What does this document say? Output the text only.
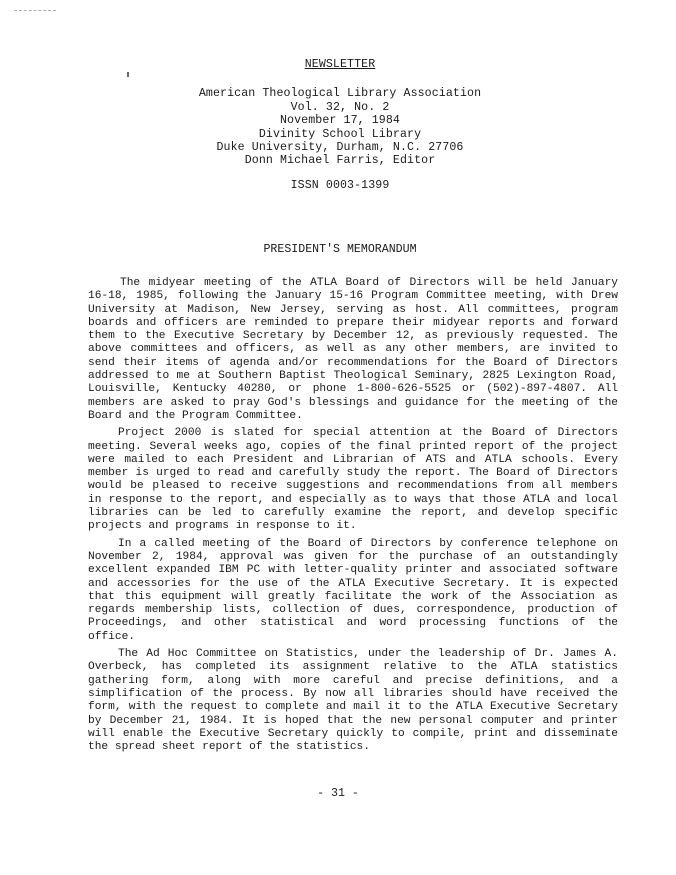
NEWSLETTER
American Theological Library Association
Vol. 32, No. 2
November 17, 1984
Divinity School Library
Duke University, Durham, N.C. 27706
Donn Michael Farris, Editor
ISSN 0003-1399
PRESIDENT'S MEMORANDUM

The midyear meeting of the ATLA Board of Directors will be held January 16-18, 1985, following the January 15-16 Program Committee meeting, with Drew University at Madison, New Jersey, serving as host. All committees, program boards and officers are reminded to prepare their midyear reports and forward them to the Executive Secretary by December 12, as previously requested. The above committees and officers, as well as any other members, are invited to send their items of agenda and/or recommendations for the Board of Directors addressed to me at Southern Baptist Theological Seminary, 2825 Lexington Road, Louisville, Kentucky 40280, or phone 1-800-626-5525 or (502)-897-4807. All members are asked to pray God's blessings and guidance for the meeting of the Board and the Program Committee.

Project 2000 is slated for special attention at the Board of Directors meeting. Several weeks ago, copies of the final printed report of the project were mailed to each President and Librarian of ATS and ATLA schools. Every member is urged to read and carefully study the report. The Board of Directors would be pleased to receive suggestions and recommendations from all members in response to the report, and especially as to ways that those ATLA and local libraries can be led to carefully examine the report, and develop specific projects and programs in response to it.

In a called meeting of the Board of Directors by conference telephone on November 2, 1984, approval was given for the purchase of an outstandingly excellent expanded IBM PC with letter-quality printer and associated software and accessories for the use of the ATLA Executive Secretary. It is expected that this equipment will greatly facilitate the work of the Association as regards membership lists, collection of dues, correspondence, production of Proceedings, and other statistical and word processing functions of the office.

The Ad Hoc Committee on Statistics, under the leadership of Dr. James A. Overbeck, has completed its assignment relative to the ATLA statistics gathering form, along with more careful and precise definitions, and a simplification of the process. By now all libraries should have received the form, with the request to complete and mail it to the ATLA Executive Secretary by December 21, 1984. It is hoped that the new personal computer and printer will enable the Executive Secretary quickly to compile, print and disseminate the spread sheet report of the statistics.

- 31 -
